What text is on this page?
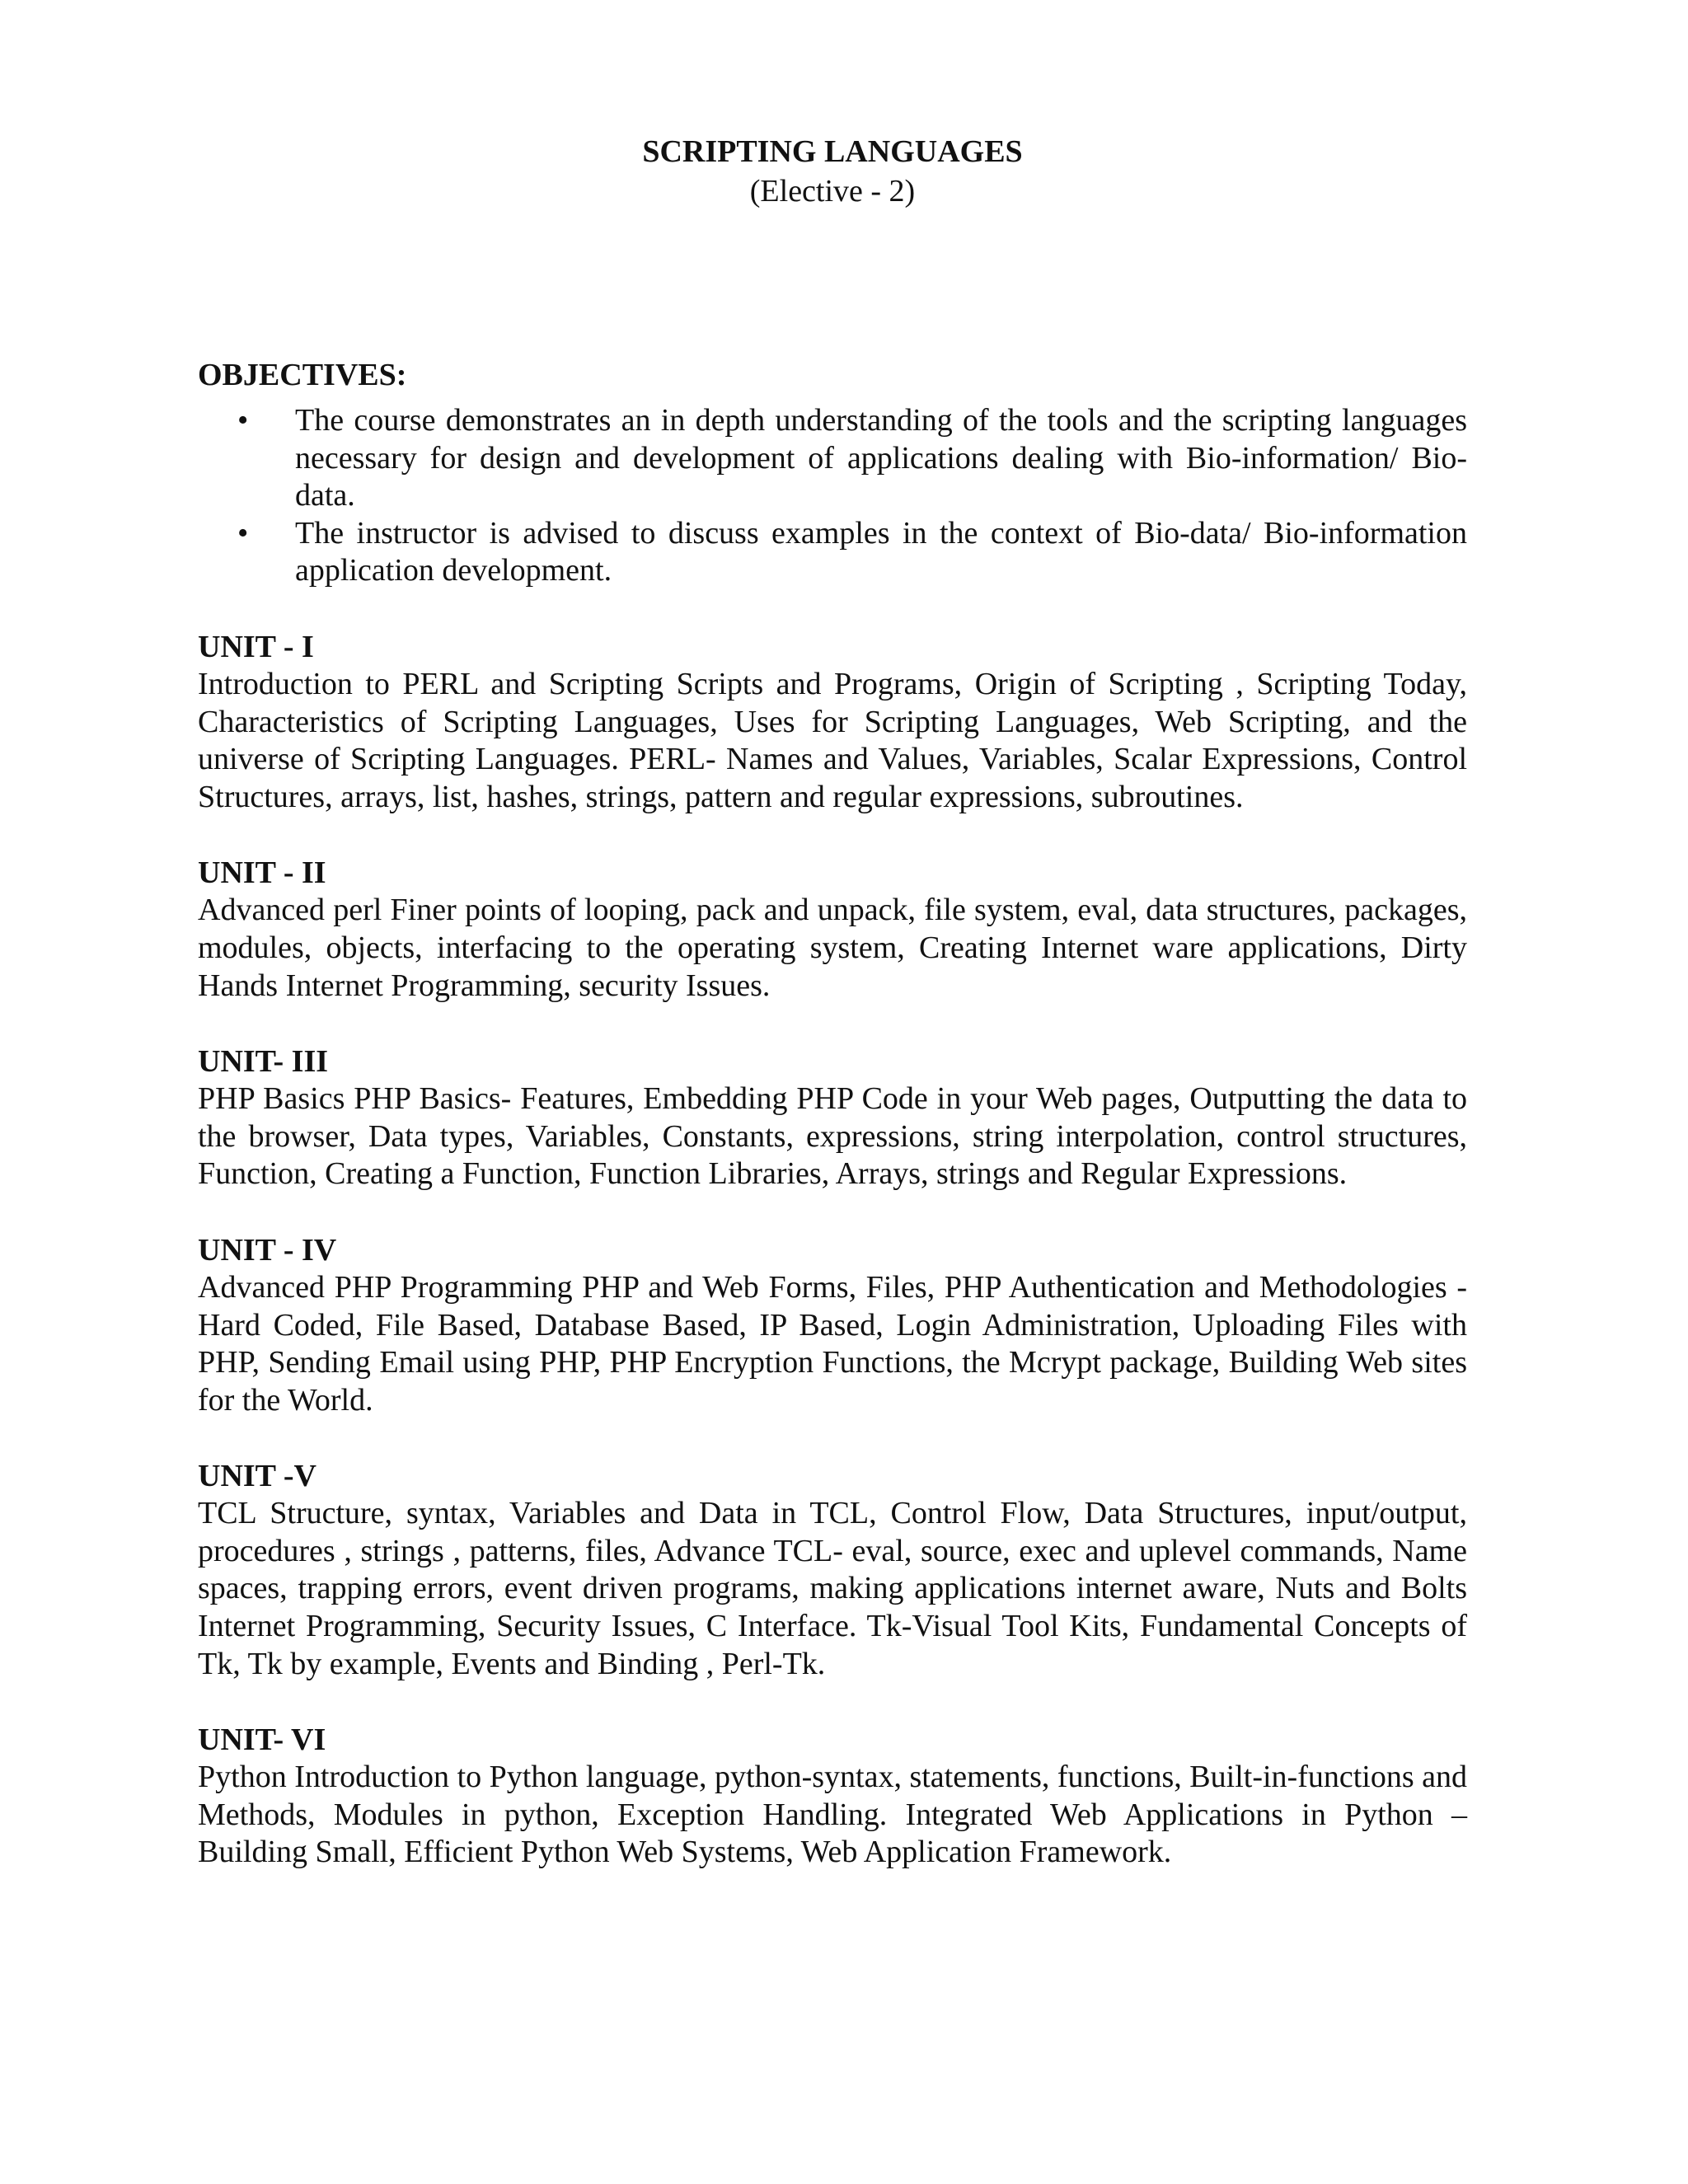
SCRIPTING LANGUAGES

(Elective - 2)

OBJECTIVES:

• The course demonstrates an in depth understanding of the tools and the scripting languages necessary for design and development of applications dealing with Bio-information/ Bio-data.
• The instructor is advised to discuss examples in the context of Bio-data/ Bio-information application development.

UNIT - I

Introduction to PERL and Scripting Scripts and Programs, Origin of Scripting , Scripting Today, Characteristics of Scripting Languages, Uses for Scripting Languages, Web Scripting, and the universe of Scripting Languages. PERL- Names and Values, Variables, Scalar Expressions, Control Structures, arrays, list, hashes, strings, pattern and regular expressions, subroutines.

UNIT - II

Advanced perl Finer points of looping, pack and unpack, file system, eval, data structures, packages, modules, objects, interfacing to the operating system, Creating Internet ware applications, Dirty Hands Internet Programming, security Issues.

UNIT- III

PHP Basics PHP Basics- Features, Embedding PHP Code in your Web pages, Outputting the data to the browser, Data types, Variables, Constants, expressions, string interpolation, control structures, Function, Creating a Function, Function Libraries, Arrays, strings and Regular Expressions.

UNIT - IV

Advanced PHP Programming PHP and Web Forms, Files, PHP Authentication and Methodologies -Hard Coded, File Based, Database Based, IP Based, Login Administration, Uploading Files with PHP, Sending Email using PHP, PHP Encryption Functions, the Mcrypt package, Building Web sites for the World.

UNIT -V

TCL Structure, syntax, Variables and Data in TCL, Control Flow, Data Structures, input/output, procedures , strings , patterns, files, Advance TCL- eval, source, exec and uplevel commands, Name spaces, trapping errors, event driven programs, making applications internet aware, Nuts and Bolts Internet Programming, Security Issues, C Interface. Tk-Visual Tool Kits, Fundamental Concepts of Tk, Tk by example, Events and Binding , Perl-Tk.

UNIT- VI

Python Introduction to Python language, python-syntax, statements, functions, Built-in-functions and Methods, Modules in python, Exception Handling. Integrated Web Applications in Python – Building Small, Efficient Python Web Systems, Web Application Framework.
